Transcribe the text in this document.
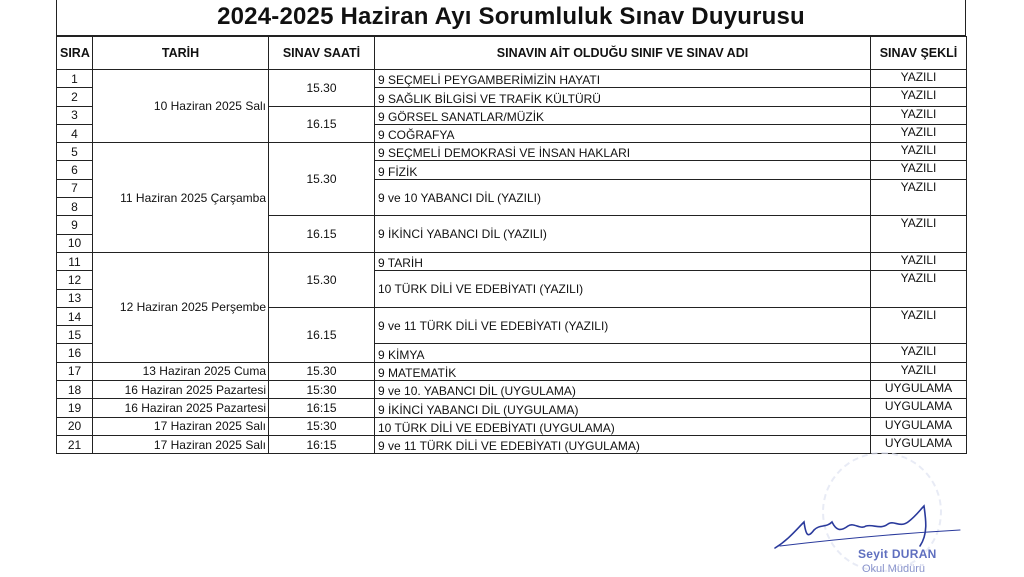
2024-2025 Haziran Ayı Sorumluluk Sınav Duyurusu
SIRA	TARİH	SINAV SAATİ	SINAVIN AİT OLDUĞU SINIF VE SINAV ADI	SINAV ŞEKLİ
1	10 Haziran 2025 Salı	15.30	9 SEÇMELİ PEYGAMBERİMİZİN HAYATI	YAZILI
2			9 SAĞLIK BİLGİSİ VE TRAFİK KÜLTÜRÜ	YAZILI
3		16.15	9 GÖRSEL SANATLAR/MÜZİK	YAZILI
4			9 COĞRAFYA	YAZILI
5	11 Haziran 2025 Çarşamba	15.30	9 SEÇMELİ DEMOKRASİ VE İNSAN HAKLARI	YAZILI
6			9 FİZİK	YAZILI
7			9 ve 10 YABANCI DİL (YAZILI)	YAZILI
8				
9		16.15	9 İKİNCİ YABANCI DİL (YAZILI)	YAZILI
10				
11	12 Haziran 2025 Perşembe	15.30	9 TARİH	YAZILI
12			10 TÜRK DİLİ VE EDEBİYATI (YAZILI)	YAZILI
13				
14		16.15	9 ve 11 TÜRK DİLİ VE EDEBİYATI (YAZILI)	YAZILI
15				
16			9 KİMYA	YAZILI
17	13 Haziran 2025 Cuma	15.30	9 MATEMATİK	YAZILI
18	16 Haziran 2025 Pazartesi	15:30	9 ve 10. YABANCI DİL (UYGULAMA)	UYGULAMA
19	16 Haziran 2025 Pazartesi	16:15	9 İKİNCİ YABANCI DİL (UYGULAMA)	UYGULAMA
20	17 Haziran 2025 Salı	15:30	10 TÜRK DİLİ VE EDEBİYATI (UYGULAMA)	UYGULAMA
21	17 Haziran 2025 Salı	16:15	9 ve 11 TÜRK DİLİ VE EDEBİYATI (UYGULAMA)	UYGULAMA
Seyit DURAN
Okul Müdürü
